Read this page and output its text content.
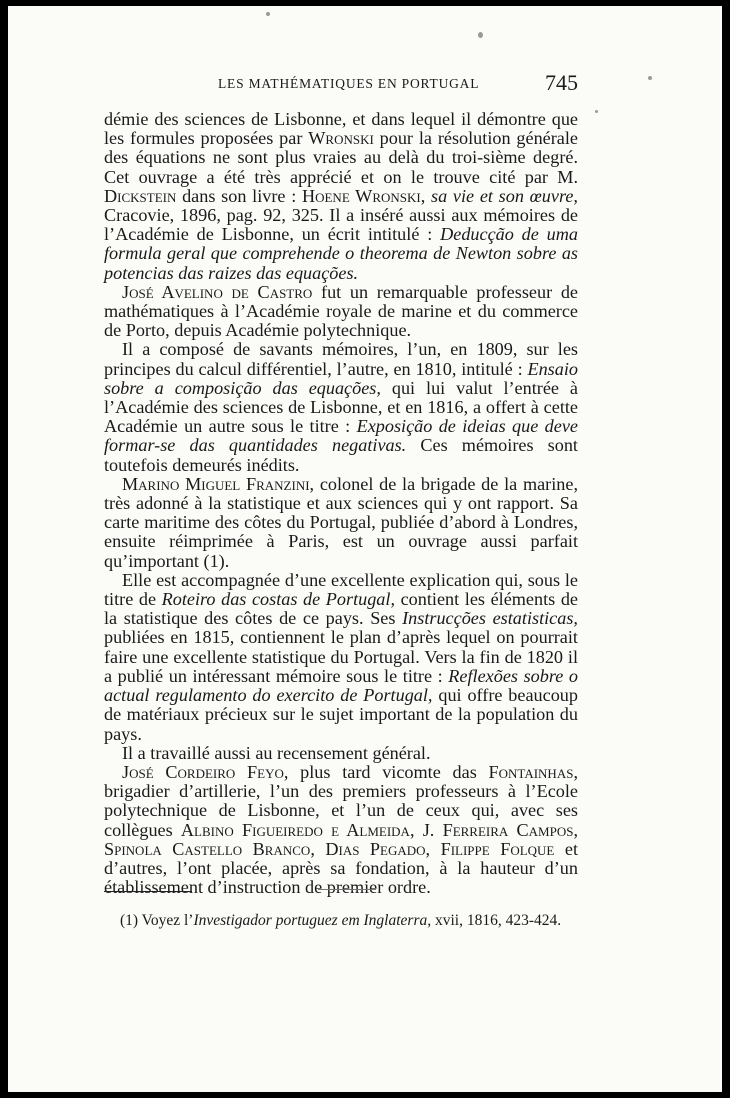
LES MATHÉMATIQUES EN PORTUGAL	745

démie des sciences de Lisbonne, et dans lequel il démontre que les formules proposées par Wronski pour la résolution générale des équations ne sont plus vraies au delà du troi-sième degré. Cet ouvrage a été très apprécié et on le trouve cité par M. Dickstein dans son livre : Hoene Wronski, sa vie et son œuvre, Cracovie, 1896, pag. 92, 325. Il a inséré aussi aux mémoires de l’Académie de Lisbonne, un écrit intitulé : Deducção de uma formula geral que comprehende o theorema de Newton sobre as potencias das raizes das equações.

José Avelino de Castro fut un remarquable professeur de mathématiques à l’Académie royale de marine et du commerce de Porto, depuis Académie polytechnique.

Il a composé de savants mémoires, l’un, en 1809, sur les principes du calcul différentiel, l’autre, en 1810, intitulé : Ensaio sobre a composição das equações, qui lui valut l’entrée à l’Académie des sciences de Lisbonne, et en 1816, a offert à cette Académie un autre sous le titre : Exposição de ideias que deve formar-se das quantidades negativas. Ces mémoires sont toutefois demeurés inédits.

Marino Miguel Franzini, colonel de la brigade de la marine, très adonné à la statistique et aux sciences qui y ont rapport. Sa carte maritime des côtes du Portugal, publiée d’abord à Londres, ensuite réimprimée à Paris, est un ouvrage aussi parfait qu’important (1).

Elle est accompagnée d’une excellente explication qui, sous le titre de Roteiro das costas de Portugal, contient les éléments de la statistique des côtes de ce pays. Ses Instrucções estatisticas, publiées en 1815, contiennent le plan d’après lequel on pourrait faire une excellente statistique du Portugal. Vers la fin de 1820 il a publié un intéressant mémoire sous le titre : Reflexões sobre o actual regulamento do exercito de Portugal, qui offre beaucoup de matériaux précieux sur le sujet important de la population du pays.

Il a travaillé aussi au recensement général.

José Cordeiro Feyo, plus tard vicomte das Fontainhas, brigadier d’artillerie, l’un des premiers professeurs à l’Ecole polytechnique de Lisbonne, et l’un de ceux qui, avec ses collègues Albino Figueiredo e Almeida, J. Ferreira Campos, Spinola Castello Branco, Dias Pegado, Filippe Folque et d’autres, l’ont placée, après sa fondation, à la hauteur d’un établissement d’instruction de premier ordre.

(1) Voyez l’Investigador portuguez em Inglaterra, xvii, 1816, 423-424.
